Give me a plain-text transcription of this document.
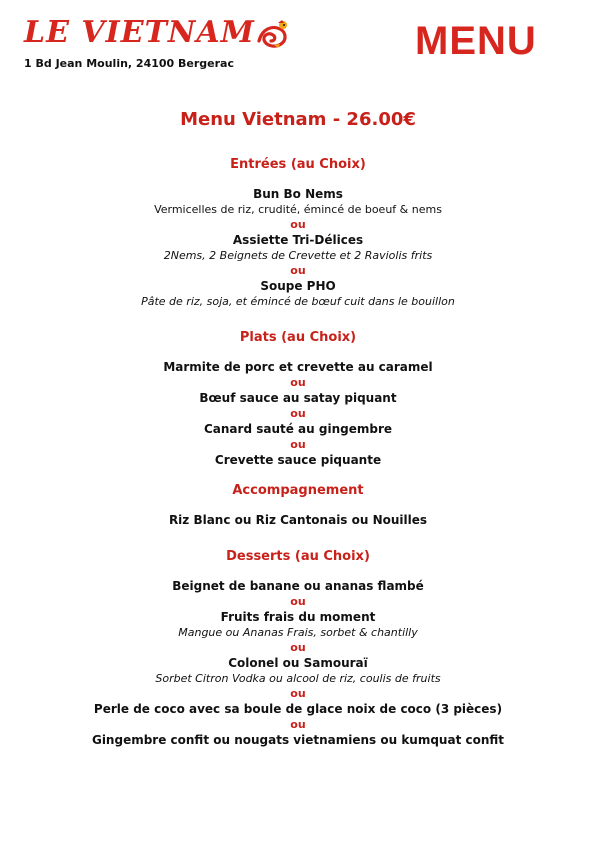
LE VIETNAM
1 Bd Jean Moulin, 24100 Bergerac
MENU
Menu Vietnam - 26.00€
Entrées (au Choix)
Bun Bo Nems
Vermicelles de riz, crudité, émincé de boeuf & nems
ou
Assiette Tri-Délices
2Nems, 2 Beignets de Crevette et 2 Raviolis frits
ou
Soupe PHO
Pâte de riz, soja, et émincé de bœuf cuit dans le bouillon
Plats (au Choix)
Marmite de porc et crevette au caramel
ou
Bœuf sauce au satay piquant
ou
Canard sauté au gingembre
ou
Crevette sauce piquante
Accompagnement
Riz Blanc ou Riz Cantonais ou Nouilles
Desserts (au Choix)
Beignet de banane ou ananas flambé
ou
Fruits frais du moment
Mangue ou Ananas Frais, sorbet & chantilly
ou
Colonel ou Samouraï
Sorbet Citron Vodka ou alcool de riz, coulis de fruits
ou
Perle de coco avec sa boule de glace noix de coco (3 pièces)
ou
Gingembre confit ou nougats vietnamiens ou kumquat confit
